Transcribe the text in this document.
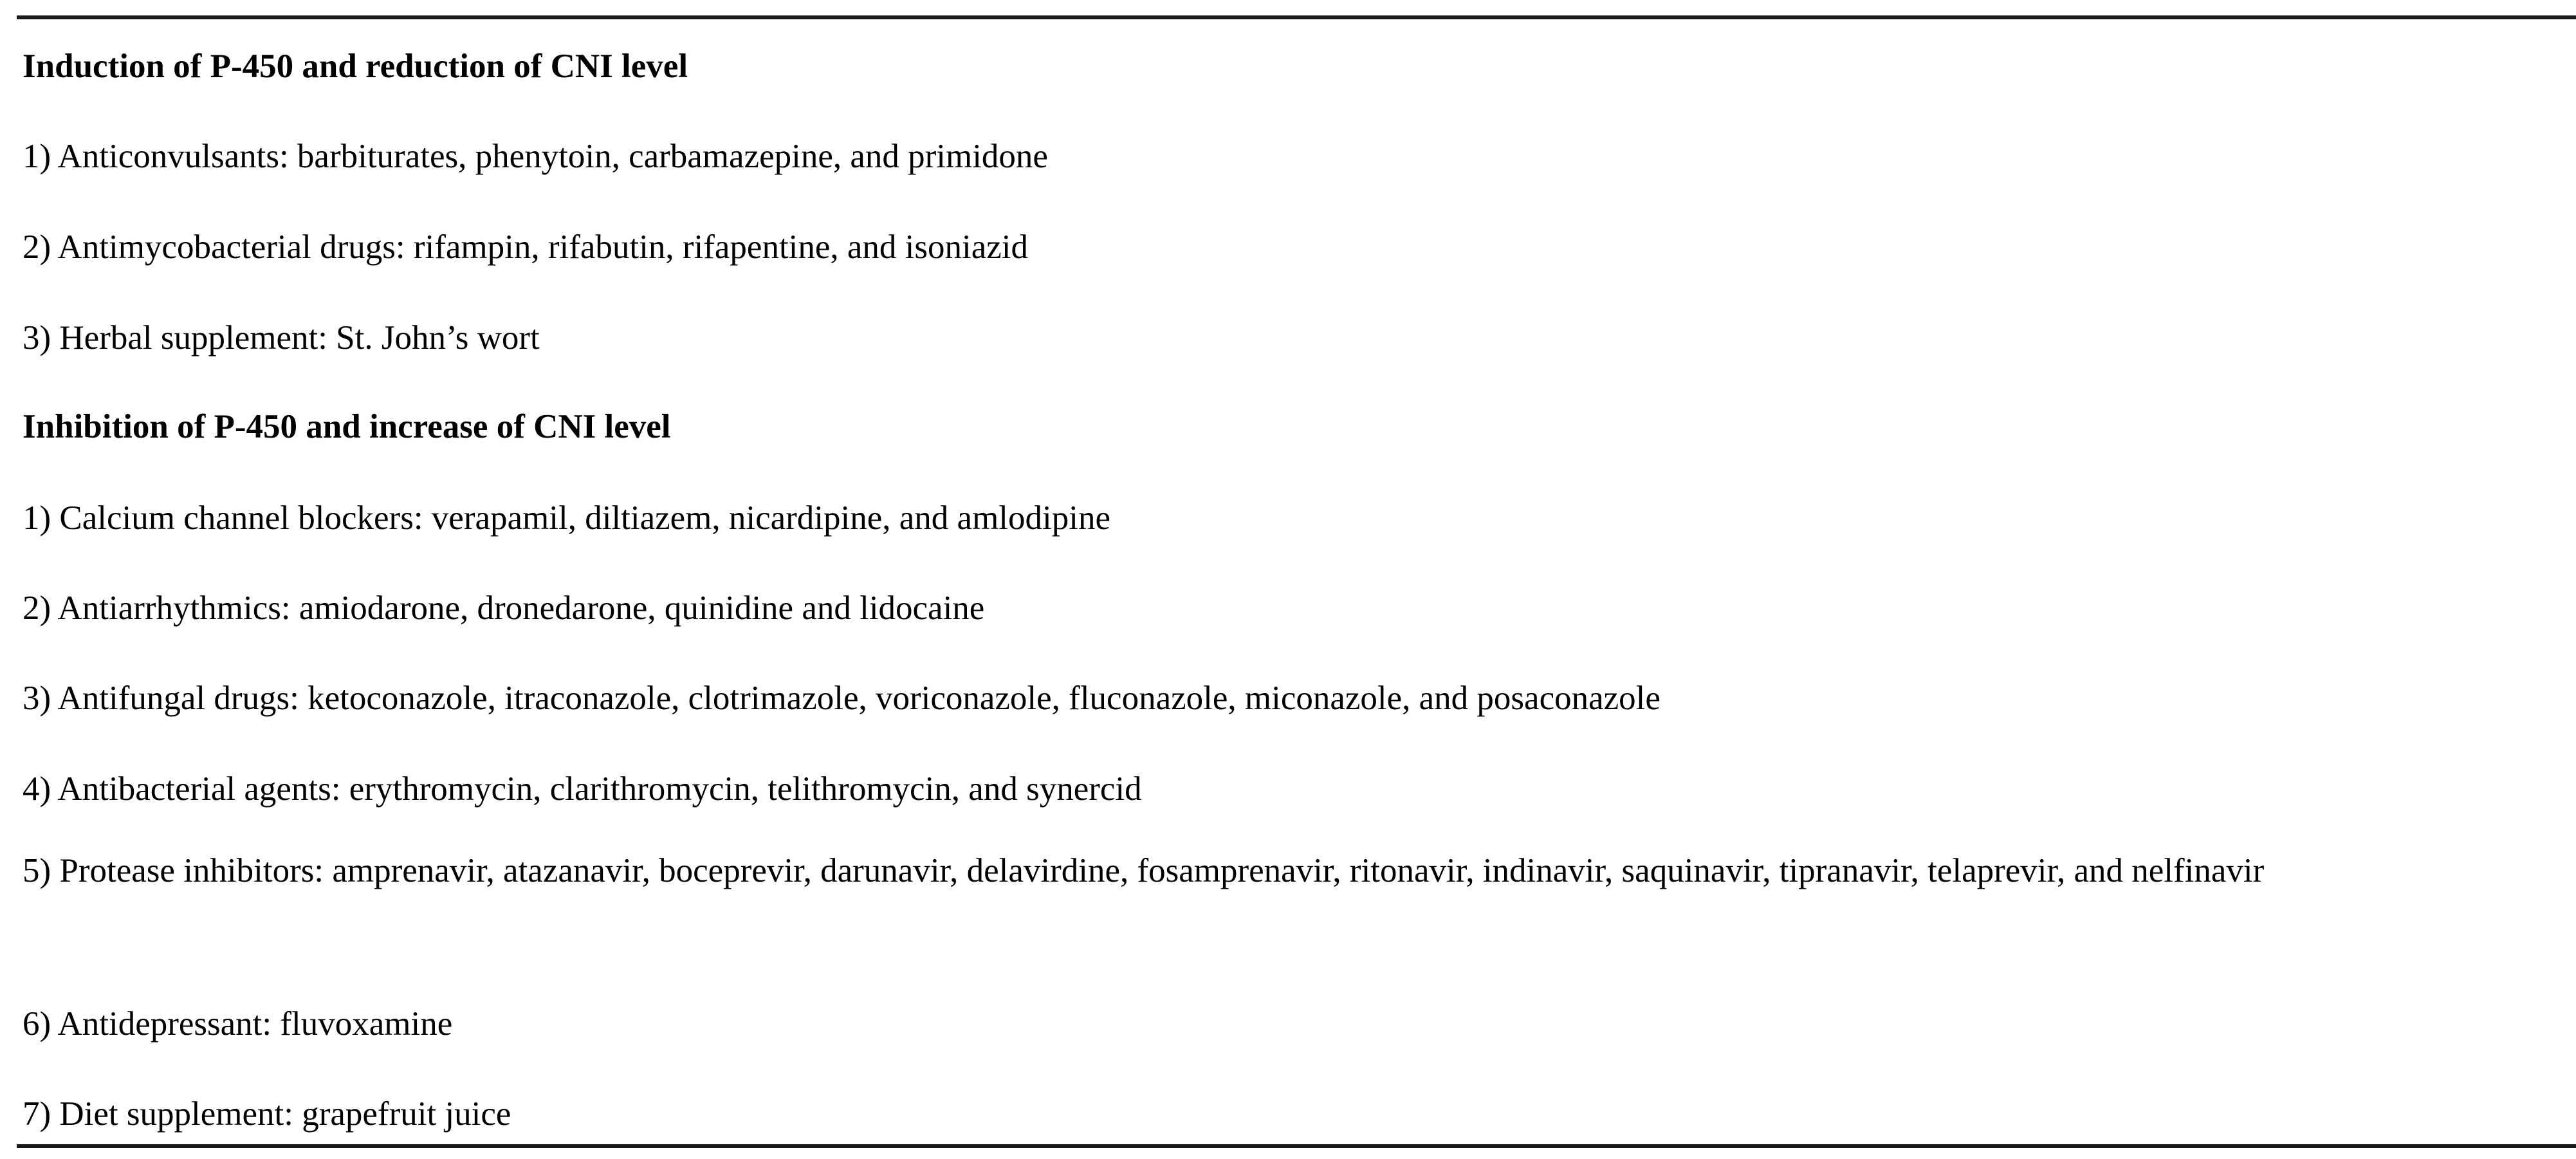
Induction of P-450 and reduction of CNI level
1) Anticonvulsants: barbiturates, phenytoin, carbamazepine, and primidone
2) Antimycobacterial drugs: rifampin, rifabutin, rifapentine, and isoniazid
3) Herbal supplement: St. John’s wort
Inhibition of P-450 and increase of CNI level
1) Calcium channel blockers: verapamil, diltiazem, nicardipine, and amlodipine
2) Antiarrhythmics: amiodarone, dronedarone, quinidine and lidocaine
3) Antifungal drugs: ketoconazole, itraconazole, clotrimazole, voriconazole, fluconazole, miconazole, and posaconazole
4) Antibacterial agents: erythromycin, clarithromycin, telithromycin, and synercid
5) Protease inhibitors: amprenavir, atazanavir, boceprevir, darunavir, delavirdine, fosamprenavir, ritonavir, indinavir, saquinavir, tipranavir, telaprevir, and nelfinavir
6) Antidepressant: fluvoxamine
7) Diet supplement: grapefruit juice
